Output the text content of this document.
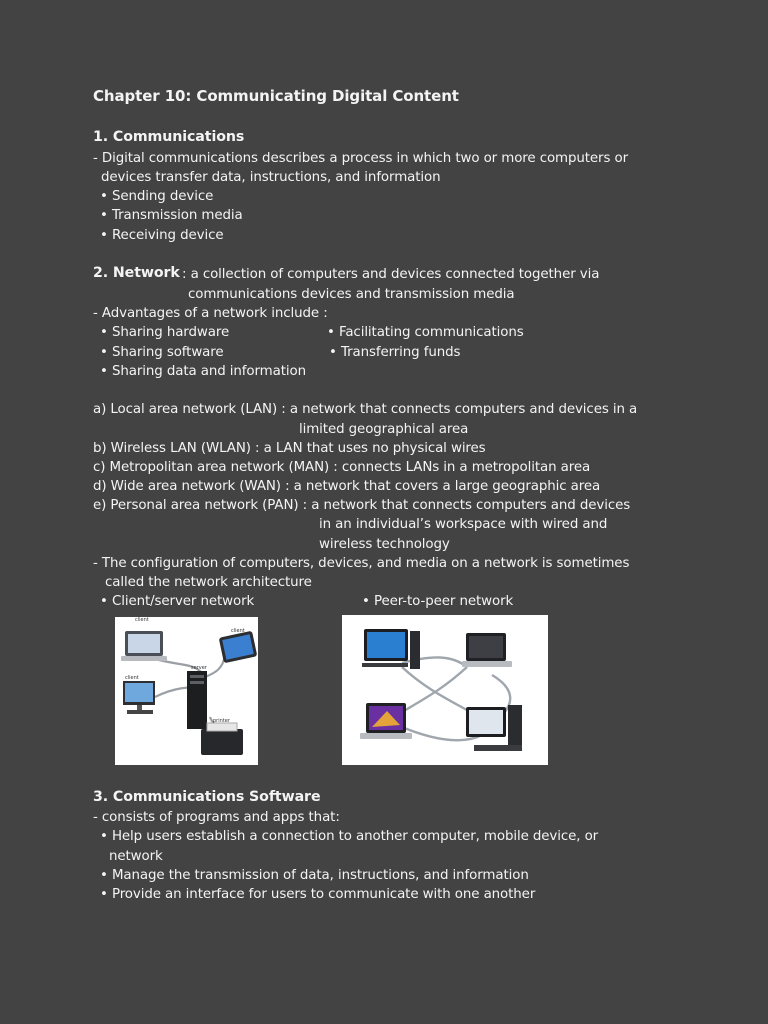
Chapter 10: Communicating Digital Content
1. Communications
- Digital communications describes a process in which two or more computers or
devices transfer data, instructions, and information
• Sending device
• Transmission media
• Receiving device
2. Network : a collection of computers and devices connected together via
communications devices and transmission media
- Advantages of a network include :
• Sharing hardware	• Facilitating communications
• Sharing software	• Transferring funds
• Sharing data and information
a) Local area network (LAN) : a network that connects computers and devices in a
limited geographical area
b) Wireless LAN (WLAN) : a LAN that uses no physical wires
c) Metropolitan area network (MAN) : connects LANs in a metropolitan area
d) Wide area network (WAN) : a network that covers a large geographic area
e) Personal area network (PAN) : a network that connects computers and devices
in an individual’s workspace with wired and
wireless technology
- The configuration of computers, devices, and media on a network is sometimes
called the network architecture
• Client/server network	• Peer-to-peer network
client
client
client
server
printer
3. Communications Software
- consists of programs and apps that:
• Help users establish a connection to another computer, mobile device, or
network
• Manage the transmission of data, instructions, and information
• Provide an interface for users to communicate with one another
